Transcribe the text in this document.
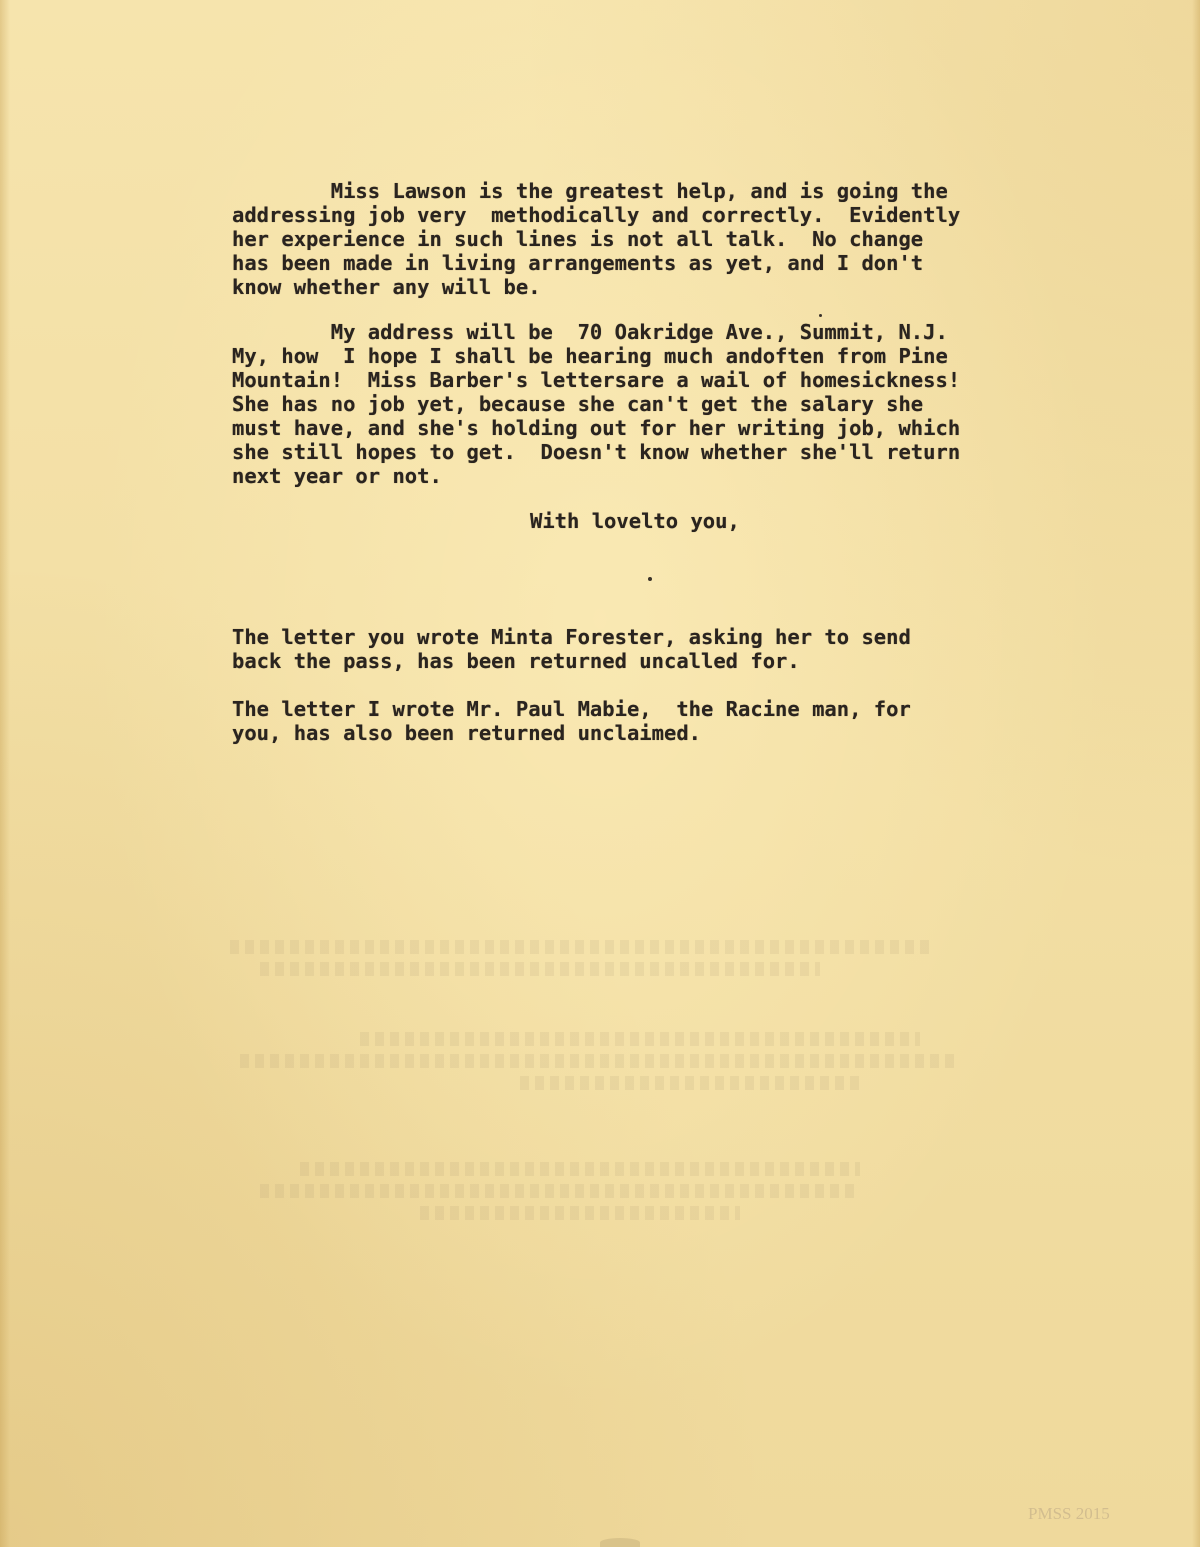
Miss Lawson is the greatest help, and is going the
addressing job very  methodically and correctly.  Evidently
her experience in such lines is not all talk.  No change
has been made in living arrangements as yet, and I don't
know whether any will be.
My address will be  70 Oakridge Ave., Summit, N.J.
My, how  I hope I shall be hearing much andoften from Pine
Mountain!  Miss Barber's lettersare a wail of homesickness!
She has no job yet, because she can't get the salary she
must have, and she's holding out for her writing job, which
she still hopes to get.  Doesn't know whether she'll return
next year or not.
With lovelto you,
The letter you wrote Minta Forester, asking her to send
back the pass, has been returned uncalled for.
The letter I wrote Mr. Paul Mabie,  the Racine man, for
you, has also been returned unclaimed.
PMSS 2015
